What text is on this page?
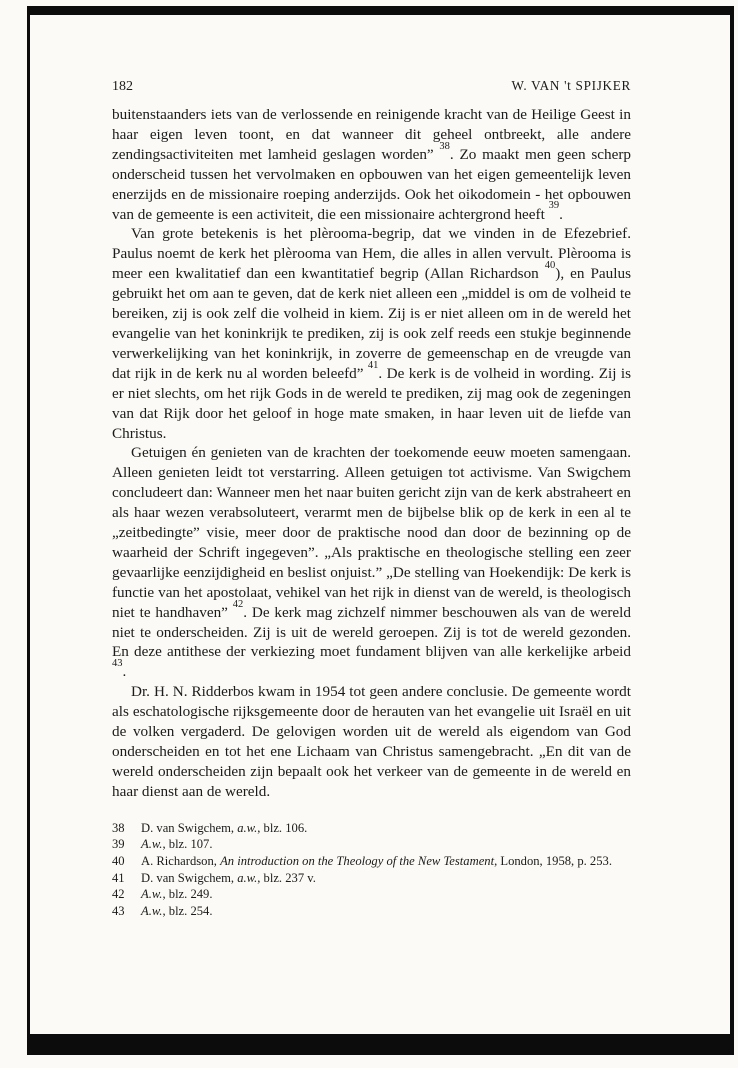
182	W. VAN 't SPIJKER

buitenstaanders iets van de verlossende en reinigende kracht van de Heilige Geest in haar eigen leven toont, en dat wanneer dit geheel ontbreekt, alle andere zendingsactiviteiten met lamheid geslagen worden” $^{38}$. Zo maakt men geen scherp onderscheid tussen het vervolmaken en opbouwen van het eigen gemeentelijk leven enerzijds en de missionaire roeping anderzijds. Ook het oikodomein - het opbouwen van de gemeente is een activiteit, die een missionaire achtergrond heeft $^{39}$.

Van grote betekenis is het plèrooma-begrip, dat we vinden in de Efezebrief. Paulus noemt de kerk het plèrooma van Hem, die alles in allen vervult. Plèrooma is meer een kwalitatief dan een kwantitatief begrip (Allan Richardson $^{40}$), en Paulus gebruikt het om aan te geven, dat de kerk niet alleen een „middel is om de volheid te bereiken, zij is ook zelf die volheid in kiem. Zij is er niet alleen om in de wereld het evangelie van het koninkrijk te prediken, zij is ook zelf reeds een stukje beginnende verwerkelijking van het koninkrijk, in zoverre de gemeenschap en de vreugde van dat rijk in de kerk nu al worden beleefd” $^{41}$. De kerk is de volheid in wording. Zij is er niet slechts, om het rijk Gods in de wereld te prediken, zij mag ook de zegeningen van dat Rijk door het geloof in hoge mate smaken, in haar leven uit de liefde van Christus.

Getuigen én genieten van de krachten der toekomende eeuw moeten samengaan. Alleen genieten leidt tot verstarring. Alleen getuigen tot activisme. Van Swigchem concludeert dan: Wanneer men het naar buiten gericht zijn van de kerk abstraheert en als haar wezen verabsoluteert, verarmt men de bijbelse blik op de kerk in een al te „zeitbedingte” visie, meer door de praktische nood dan door de bezinning op de waarheid der Schrift ingegeven”. „Als praktische en theologische stelling een zeer gevaarlijke eenzijdigheid en beslist onjuist.” „De stelling van Hoekendijk: De kerk is functie van het apostolaat, vehikel van het rijk in dienst van de wereld, is theologisch niet te handhaven” $^{42}$. De kerk mag zichzelf nimmer beschouwen als van de wereld niet te onderscheiden. Zij is uit de wereld geroepen. Zij is tot de wereld gezonden. En deze antithese der verkiezing moet fundament blijven van alle kerkelijke arbeid $^{43}$.

Dr. H. N. Ridderbos kwam in 1954 tot geen andere conclusie. De gemeente wordt als eschatologische rijksgemeente door de herauten van het evangelie uit Israël en uit de volken vergaderd. De gelovigen worden uit de wereld als eigendom van God onderscheiden en tot het ene Lichaam van Christus samengebracht. „En dit van de wereld onderscheiden zijn bepaalt ook het verkeer van de gemeente in de wereld en haar dienst aan de wereld.

38 D. van Swigchem, a.w., blz. 106.
39 A.w., blz. 107.
40 A. Richardson, An introduction on the Theology of the New Testament, London, 1958, p. 253.
41 D. van Swigchem, a.w., blz. 237 v.
42 A.w., blz. 249.
43 A.w., blz. 254.
